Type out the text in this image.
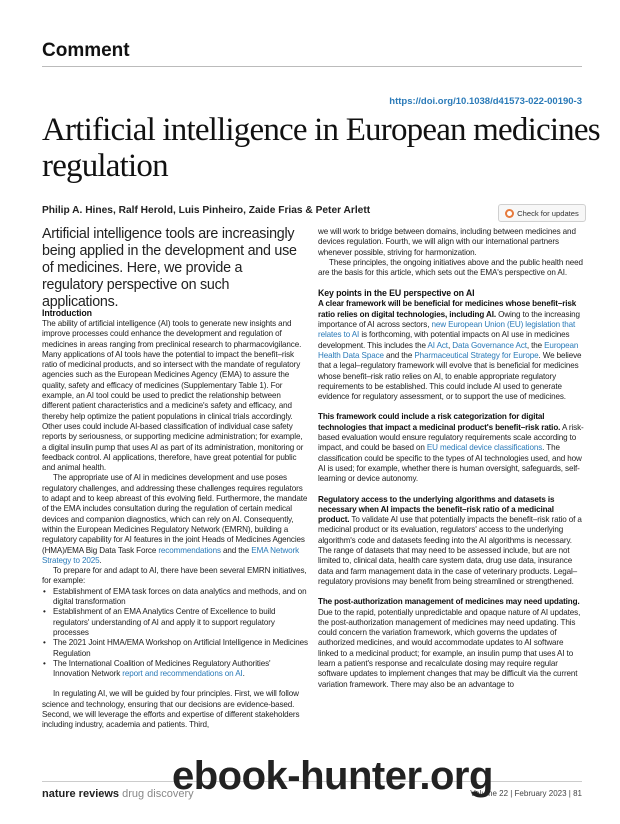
Comment
https://doi.org/10.1038/d41573-022-00190-3
Artificial intelligence in European medicines regulation
Philip A. Hines, Ralf Herold, Luis Pinheiro, Zaide Frias & Peter Arlett	Check for updates
Artificial intelligence tools are increasingly being applied in the development and use of medicines. Here, we provide a regulatory perspective on such applications.
Introduction

The ability of artificial intelligence (AI) tools to generate new insights and improve processes could enhance the development and regulation of medicines in areas ranging from preclinical research to pharmacovigilance. Many applications of AI tools have the potential to impact the benefit–risk ratio of medicinal products, and so intersect with the mandate of regulatory agencies such as the European Medicines Agency (EMA) to assure the quality, safety and efficacy of medicines (Supplementary Table 1). For example, an AI tool could be used to predict the relationship between different patient characteristics and a medicine's safety and efficacy, and thereby help optimize the patient populations in clinical trials accordingly. Other uses could include AI-based classification of individual case safety reports by seriousness, or supporting medicine administration; for example, a digital insulin pump that uses AI as part of its administration, monitoring or feedback control. AI applications, therefore, have great potential for public and animal health.

The appropriate use of AI in medicines development and use poses regulatory challenges, and addressing these challenges requires regulators to adapt and to keep abreast of this evolving field. Furthermore, the mandate of the EMA includes consultation during the regulation of certain medical devices and companion diagnostics, which can rely on AI. Consequently, within the European Medicines Regulatory Network (EMRN), building a regulatory capability for AI features in the joint Heads of Medicines Agencies (HMA)/EMA Big Data Task Force recommendations and the EMA Network Strategy to 2025.

To prepare for and adapt to AI, there have been several EMRN initiatives, for example:

• Establishment of EMA task forces on data analytics and methods, and on digital transformation
• Establishment of an EMA Analytics Centre of Excellence to build regulators' understanding of AI and apply it to support regulatory processes
• The 2021 Joint HMA/EMA Workshop on Artificial Intelligence in Medicines Regulation
• The International Coalition of Medicines Regulatory Authorities' Innovation Network report and recommendations on AI.

In regulating AI, we will be guided by four principles. First, we will follow science and technology, ensuring that our decisions are evidence-based. Second, we will leverage the efforts and expertise of different stakeholders including industry, academia and patients. Third,

we will work to bridge between domains, including between medicines and devices regulation. Fourth, we will align with our international partners whenever possible, striving for harmonization.

These principles, the ongoing initiatives above and the public health need are the basis for this article, which sets out the EMA's perspective on AI.

Key points in the EU perspective on AI

A clear framework will be beneficial for medicines whose benefit–risk ratio relies on digital technologies, including AI. Owing to the increasing importance of AI across sectors, new European Union (EU) legislation that relates to AI is forthcoming, with potential impacts on AI use in medicines development. This includes the AI Act, Data Governance Act, the European Health Data Space and the Pharmaceutical Strategy for Europe. We believe that a legal–regulatory framework will evolve that is beneficial for medicines whose benefit–risk ratio relies on AI, to enable appropriate regulatory requirements to be established. This could include AI used to generate evidence for regulatory assessment, or to support the use of medicines.

This framework could include a risk categorization for digital technologies that impact a medicinal product's benefit–risk ratio. A risk-based evaluation would ensure regulatory requirements scale according to impact, and could be based on EU medical device classifications. The classification could be specific to the types of AI technologies used, and how AI is used; for example, whether there is human oversight, safeguards, self-learning or device autonomy.

Regulatory access to the underlying algorithms and datasets is necessary when AI impacts the benefit–risk ratio of a medicinal product. To validate AI use that potentially impacts the benefit–risk ratio of a medicinal product or its evaluation, regulators' access to the underlying algorithm's code and datasets feeding into the AI algorithms is necessary. The range of datasets that may need to be assessed include, but are not limited to, clinical data, health care system data, drug use data, insurance data and farm management data in the case of veterinary products. Legal–regulatory provisions may benefit from being streamlined or strengthened.

The post-authorization management of medicines may need updating. Due to the rapid, potentially unpredictable and opaque nature of AI updates, the post-authorization management of medicines may need updating. This could concern the variation framework, which governs the updates of authorized medicines, and would accommodate updates to AI software linked to a medicinal product; for example, an insulin pump that uses AI to learn a patient's response and recalculate dosing may require regular software updates to implement changes that may be difficult via the current variation framework. There may also be an advantage to

nature reviews drug discovery	Volume 22 | February 2023 | 81
ebook-hunter.org
